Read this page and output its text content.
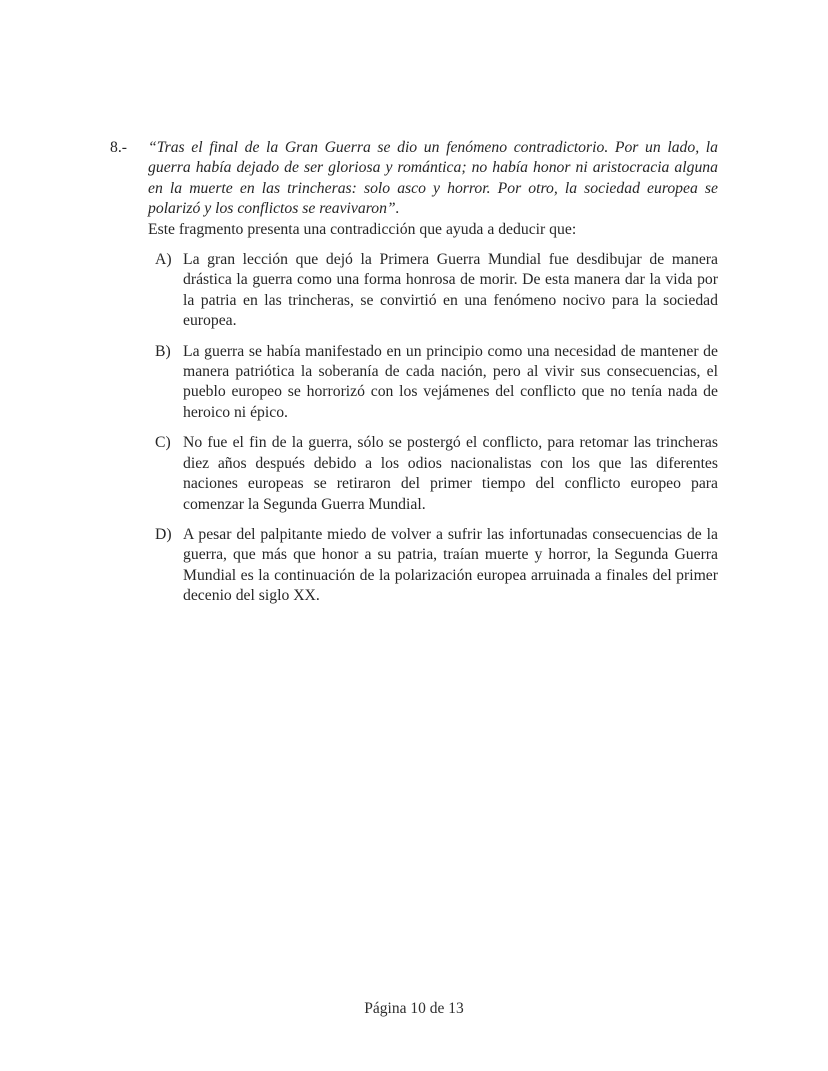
8.-	“Tras el final de la Gran Guerra se dio un fenómeno contradictorio. Por un lado, la guerra había dejado de ser gloriosa y romántica; no había honor ni aristocracia alguna en la muerte en las trincheras: solo asco y horror. Por otro, la sociedad europea se polarizó y los conflictos se reavivaron”.
Este fragmento presenta una contradicción que ayuda a deducir que:
A) La gran lección que dejó la Primera Guerra Mundial fue desdibujar de manera drástica la guerra como una forma honrosa de morir. De esta manera dar la vida por la patria en las trincheras, se convirtió en una fenómeno nocivo para la sociedad europea.
B) La guerra se había manifestado en un principio como una necesidad de mantener de manera patriótica la soberanía de cada nación, pero al vivir sus consecuencias, el pueblo europeo se horrorizó con los vejámenes del conflicto que no tenía nada de heroico ni épico.
C) No fue el fin de la guerra, sólo se postergó el conflicto, para retomar las trincheras diez años después debido a los odios nacionalistas con los que las diferentes naciones europeas se retiraron del primer tiempo del conflicto europeo para comenzar la Segunda Guerra Mundial.
D) A pesar del palpitante miedo de volver a sufrir las infortunadas consecuencias de la guerra, que más que honor a su patria, traían muerte y horror, la Segunda Guerra Mundial es la continuación de la polarización europea arruinada a finales del primer decenio del siglo XX.
Página 10 de 13
